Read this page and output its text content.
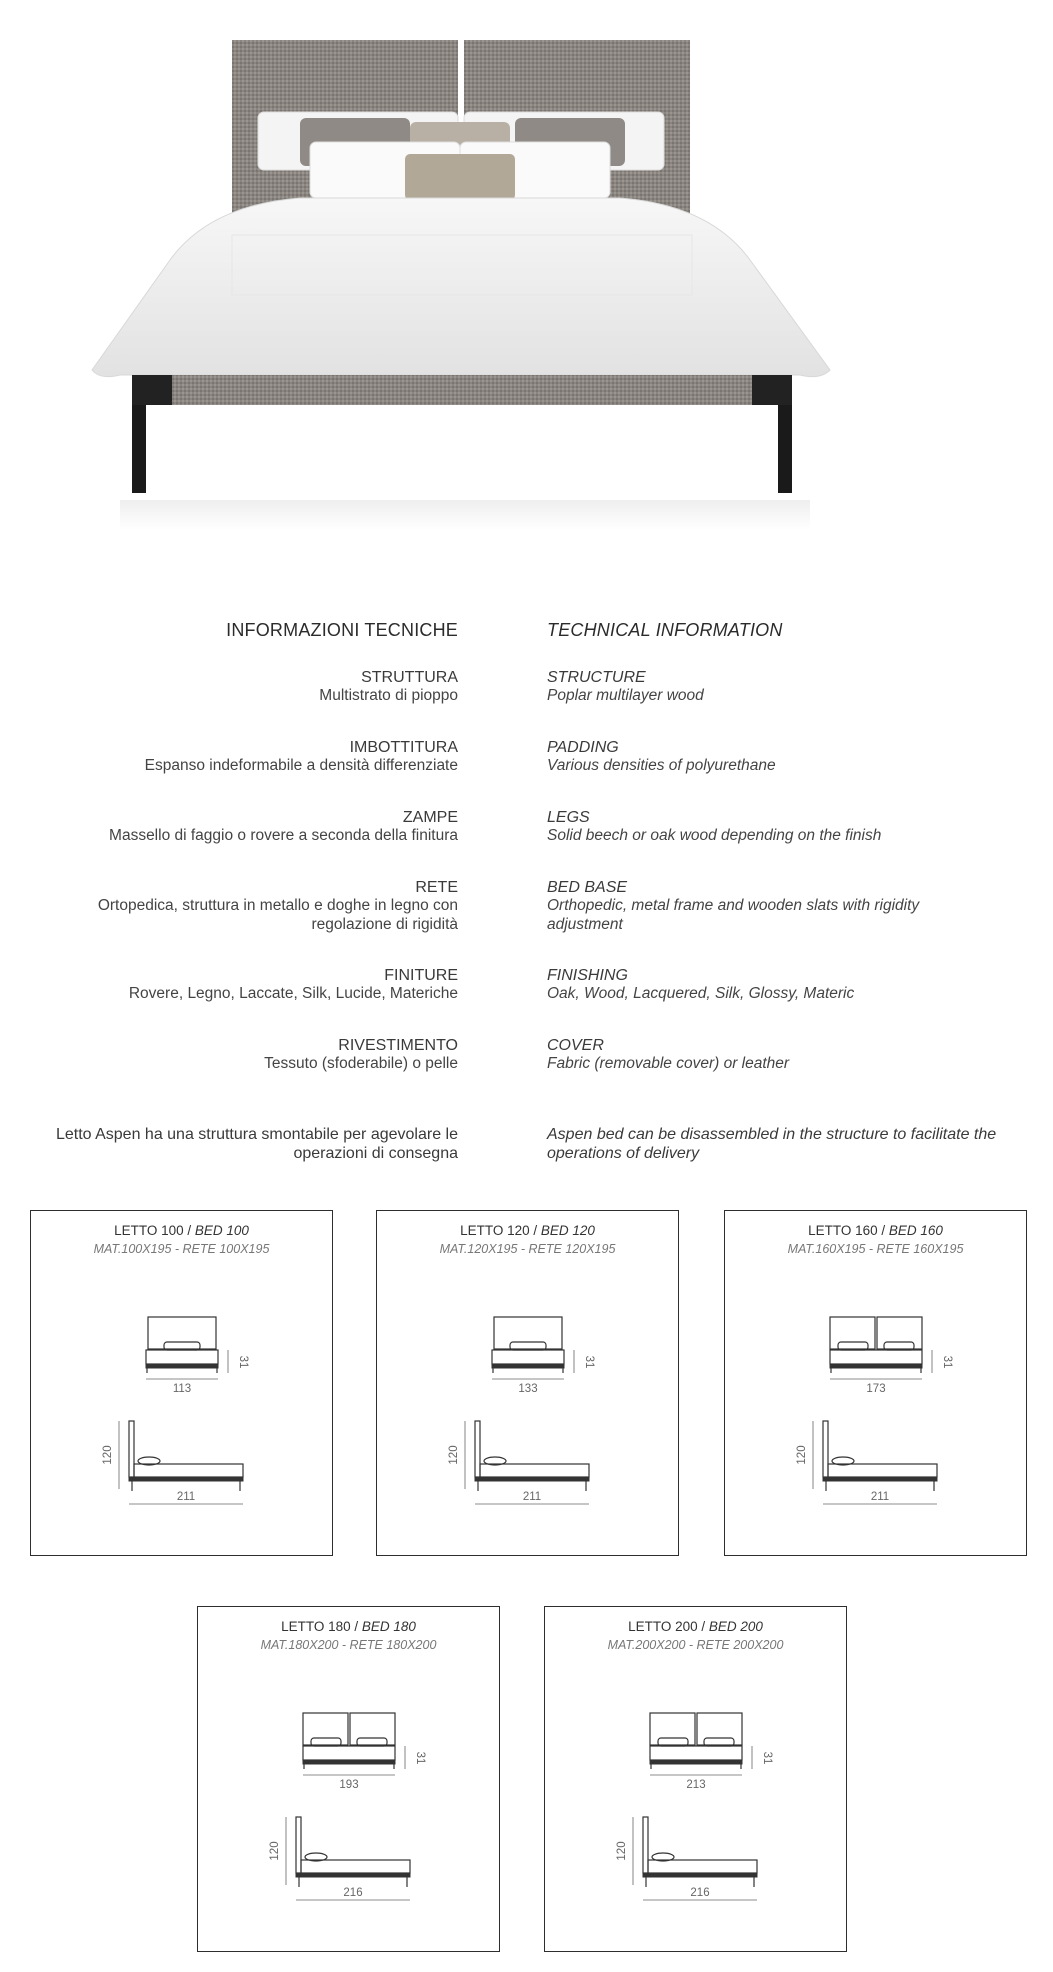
INFORMAZIONI TECNICHE	TECHNICAL INFORMATION
STRUTTURA
Multistrato di pioppo
STRUCTURE
Poplar multilayer wood
IMBOTTITURA
Espanso indeformabile a densità differenziate
PADDING
Various densities of polyurethane
ZAMPE
Massello di faggio o rovere a seconda della finitura
LEGS
Solid beech or oak wood depending on the finish
RETE
Ortopedica, struttura in metallo e doghe in legno con regolazione di rigidità
BED BASE
Orthopedic, metal frame and wooden slats with rigidity adjustment
FINITURE
Rovere, Legno, Laccate, Silk, Lucide, Materiche
FINISHING
Oak, Wood, Lacquered, Silk, Glossy, Materic
RIVESTIMENTO
Tessuto (sfoderabile) o pelle
COVER
Fabric (removable cover) or leather
Letto Aspen ha una struttura smontabile per agevolare le operazioni di consegna
Aspen bed can be disassembled in the structure to facilitate the operations of delivery
LETTO 100 / BED 100
MAT.100X195 - RETE 100X195
113
31
120
211
LETTO 120 / BED 120
MAT.120X195 - RETE 120X195
133
31
120
211
LETTO 160 / BED 160
MAT.160X195 - RETE 160X195
173
31
120
211
LETTO 180 / BED 180
MAT.180X200 - RETE 180X200
193
31
120
216
LETTO 200 / BED 200
MAT.200X200 - RETE 200X200
213
31
120
216
